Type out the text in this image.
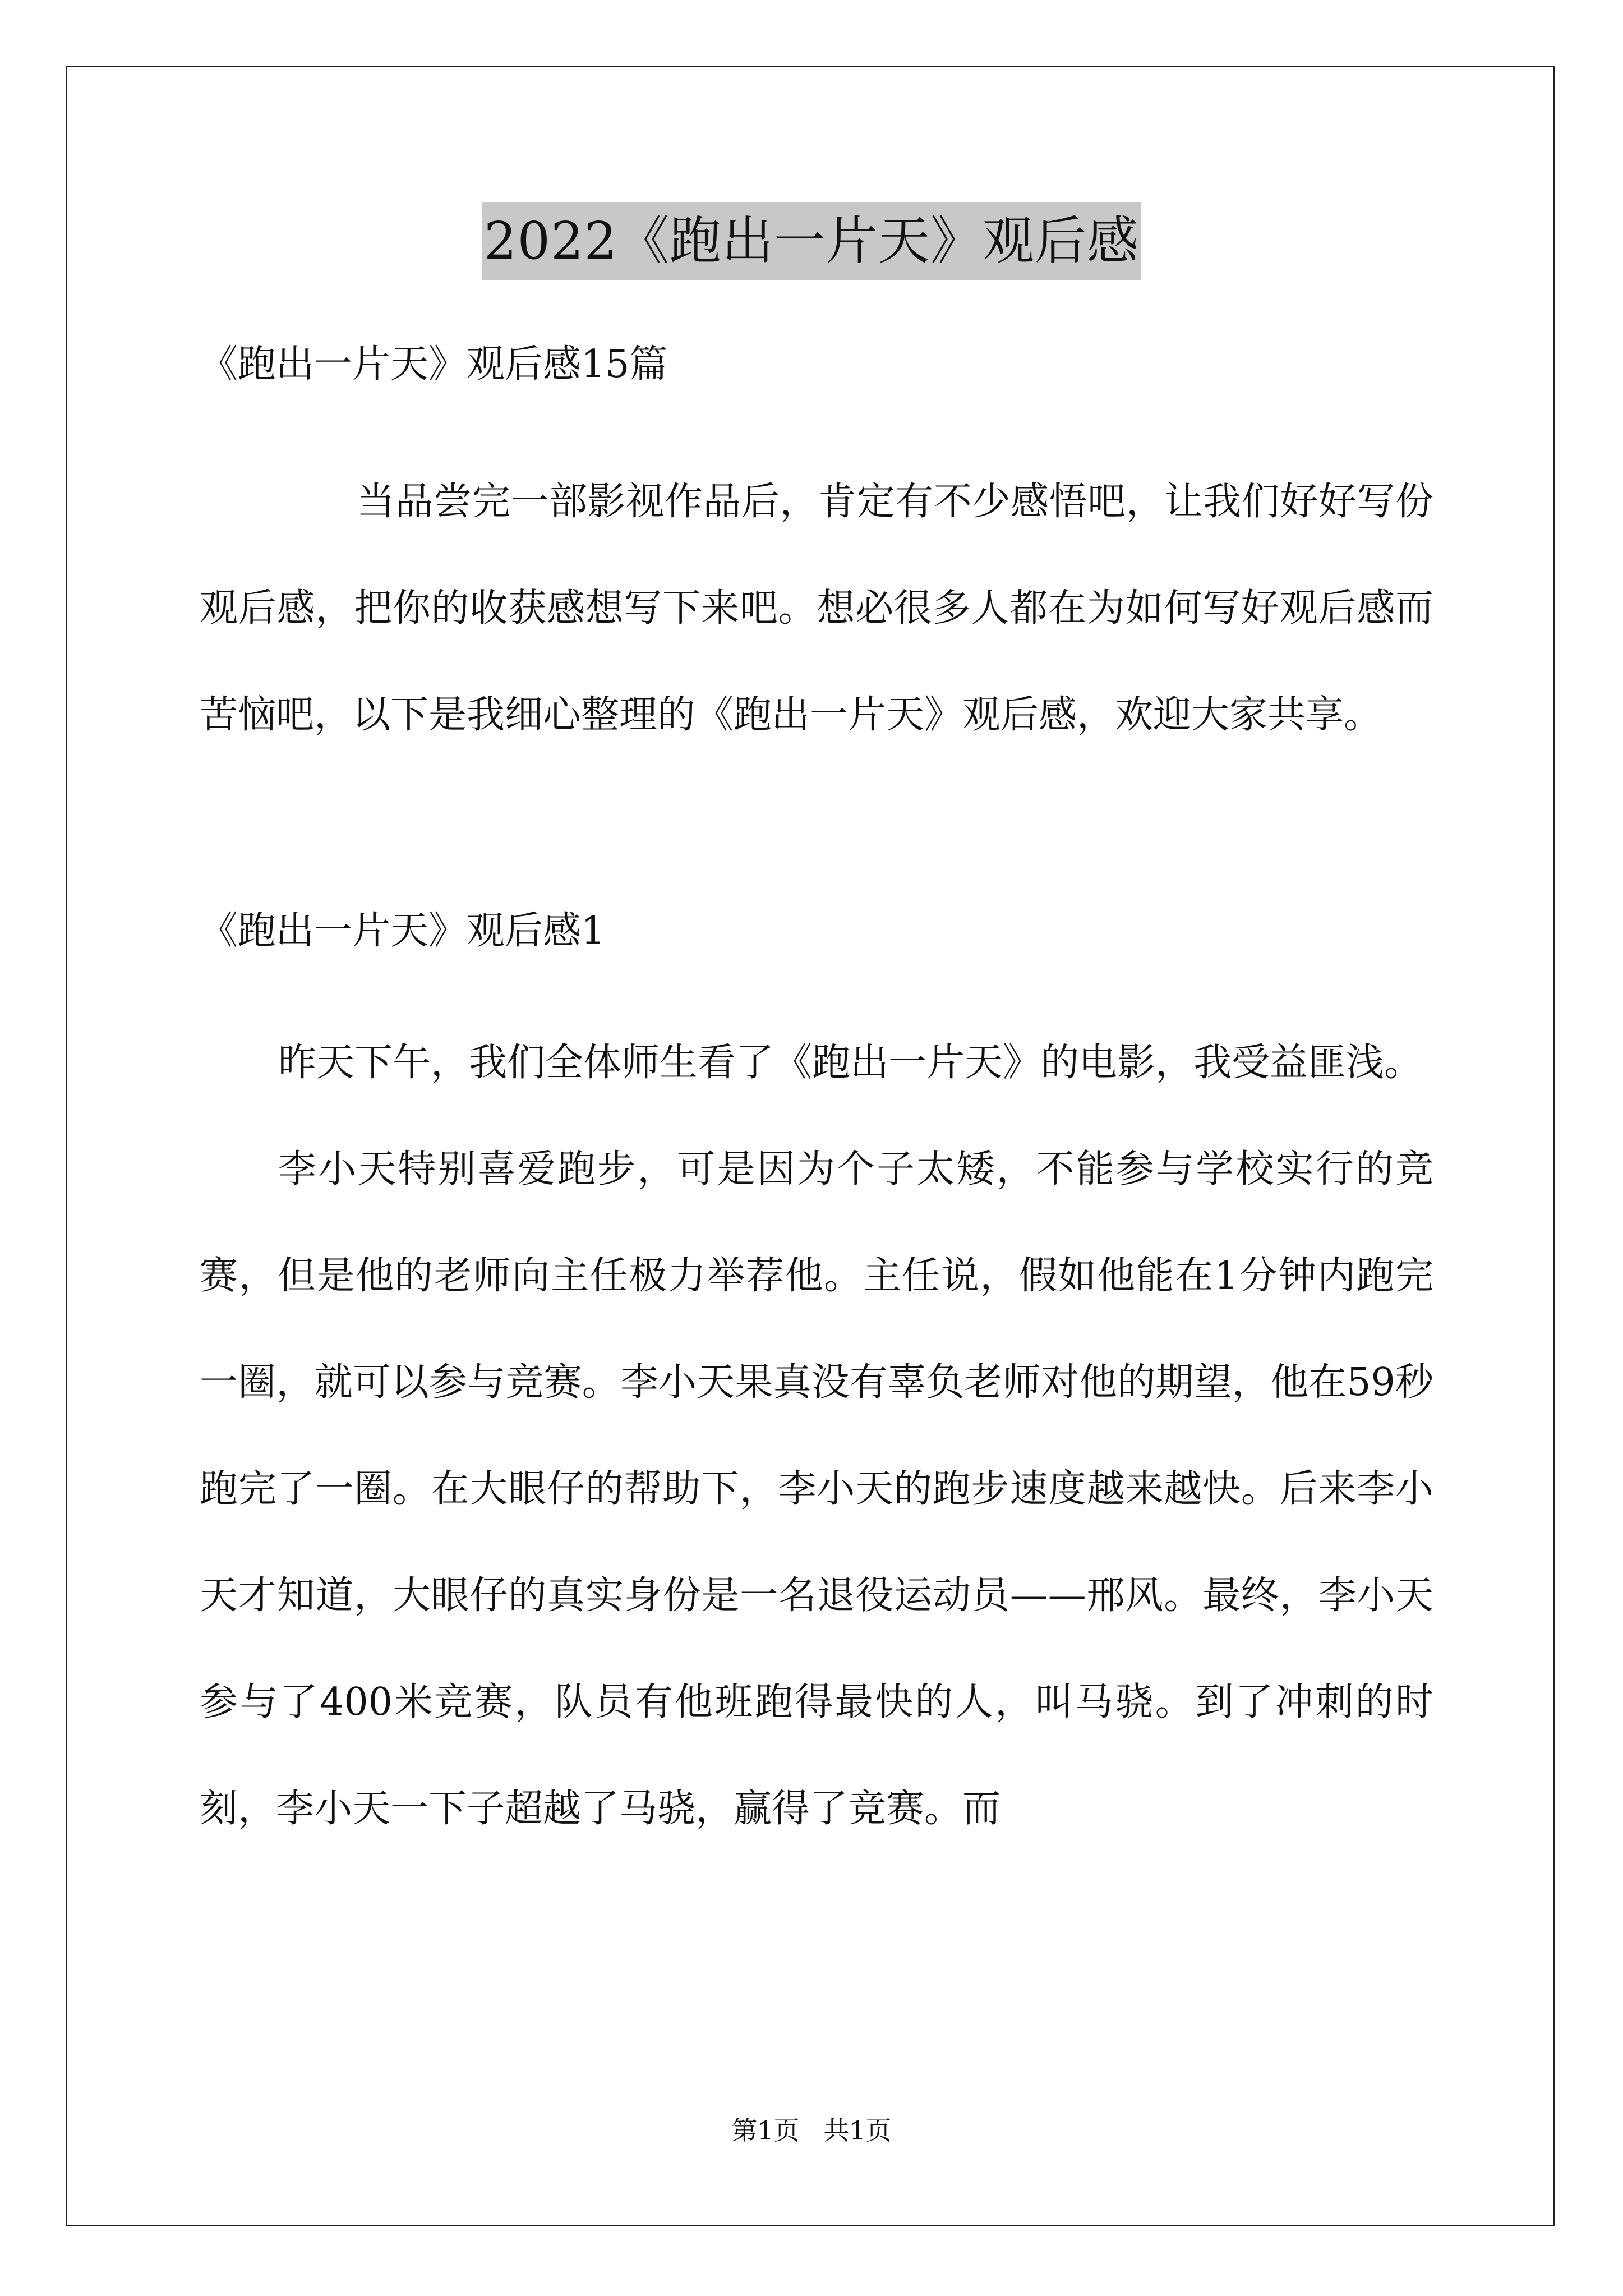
2022《跑出一片天》观后感

《跑出一片天》观后感15篇

当品尝完一部影视作品后，肯定有不少感悟吧，让我们好好写份观后感，把你的收获感想写下来吧。想必很多人都在为如何写好观后感而苦恼吧，以下是我细心整理的《跑出一片天》观后感，欢迎大家共享。

《跑出一片天》观后感1

昨天下午，我们全体师生看了《跑出一片天》的电影，我受益匪浅。

李小天特别喜爱跑步，可是因为个子太矮，不能参与学校实行的竞赛，但是他的老师向主任极力举荐他。主任说，假如他能在1分钟内跑完一圈，就可以参与竞赛。李小天果真没有辜负老师对他的期望，他在59秒跑完了一圈。在大眼仔的帮助下，李小天的跑步速度越来越快。后来李小天才知道，大眼仔的真实身份是一名退役运动员——邢风。最终，李小天参与了400米竞赛，队员有他班跑得最快的人，叫马骁。到了冲刺的时刻，李小天一下子超越了马骁，赢得了竞赛。而

第1页 共1页
